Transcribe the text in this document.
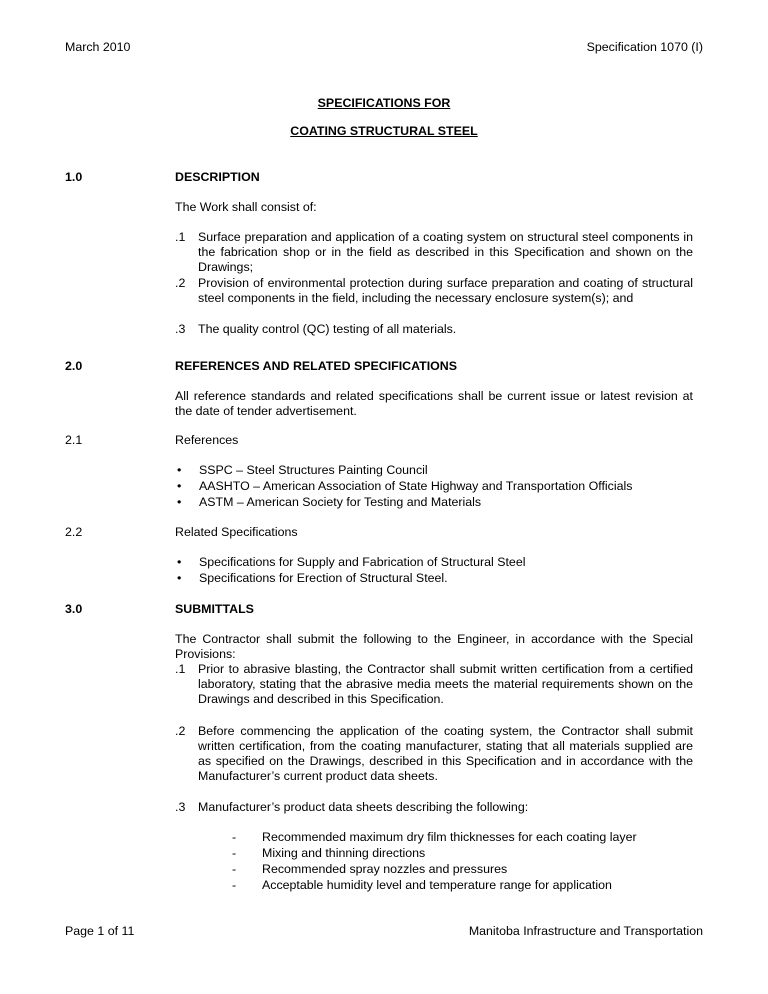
March 2010	Specification 1070 (I)
SPECIFICATIONS FOR
COATING STRUCTURAL STEEL
1.0	DESCRIPTION
The Work shall consist of:
.1 Surface preparation and application of a coating system on structural steel components in the fabrication shop or in the field as described in this Specification and shown on the Drawings;
.2 Provision of environmental protection during surface preparation and coating of structural steel components in the field, including the necessary enclosure system(s); and
.3 The quality control (QC) testing of all materials.
2.0	REFERENCES AND RELATED SPECIFICATIONS
All reference standards and related specifications shall be current issue or latest revision at the date of tender advertisement.
2.1	References
• SSPC – Steel Structures Painting Council
• AASHTO – American Association of State Highway and Transportation Officials
• ASTM – American Society for Testing and Materials
2.2	Related Specifications
• Specifications for Supply and Fabrication of Structural Steel
• Specifications for Erection of Structural Steel.
3.0	SUBMITTALS
The Contractor shall submit the following to the Engineer, in accordance with the Special Provisions:
.1 Prior to abrasive blasting, the Contractor shall submit written certification from a certified laboratory, stating that the abrasive media meets the material requirements shown on the Drawings and described in this Specification.
.2 Before commencing the application of the coating system, the Contractor shall submit written certification, from the coating manufacturer, stating that all materials supplied are as specified on the Drawings, described in this Specification and in accordance with the Manufacturer’s current product data sheets.
.3 Manufacturer’s product data sheets describing the following:
- Recommended maximum dry film thicknesses for each coating layer
- Mixing and thinning directions
- Recommended spray nozzles and pressures
- Acceptable humidity level and temperature range for application
Page 1 of 11	Manitoba Infrastructure and Transportation
